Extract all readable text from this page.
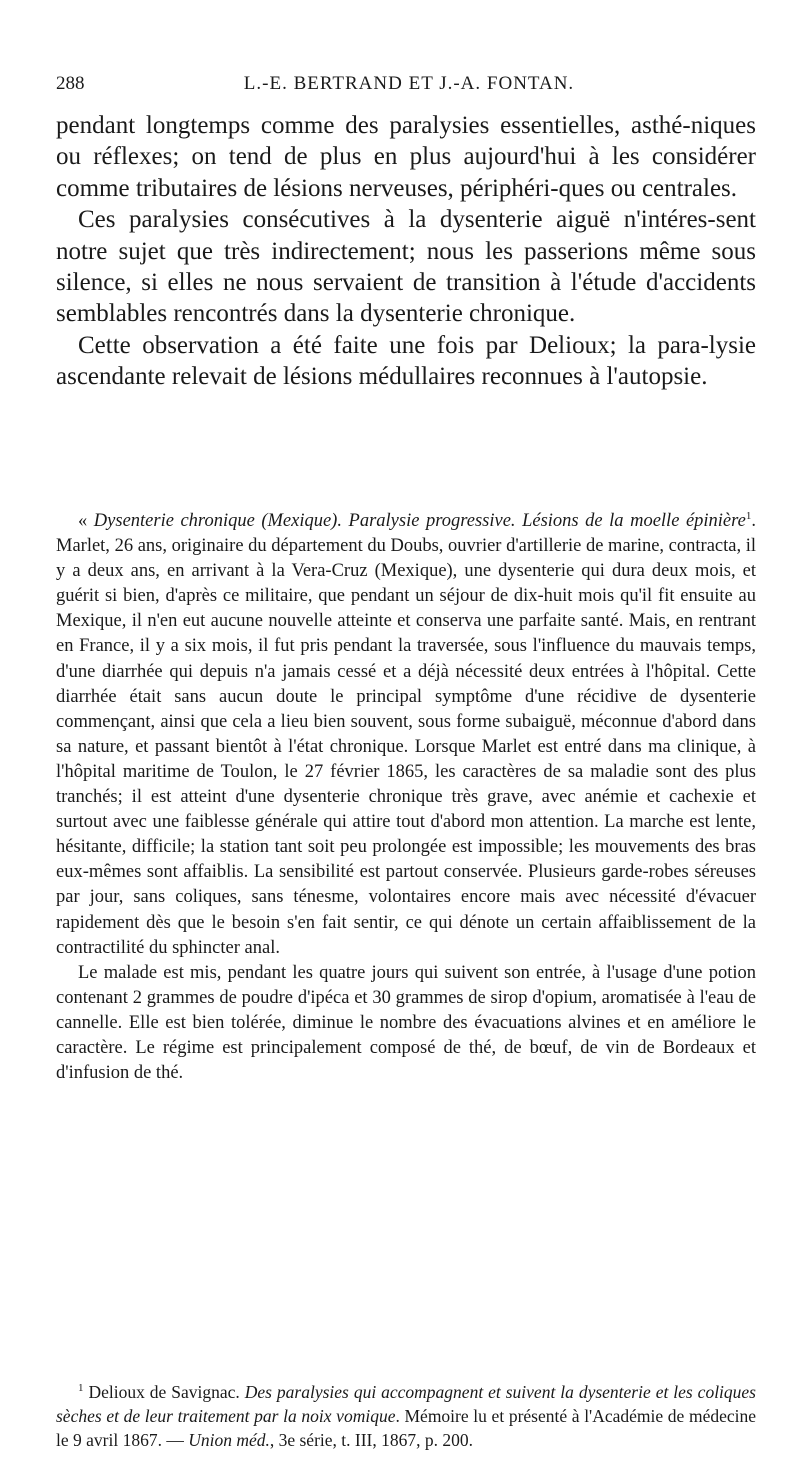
288	L.-E. BERTRAND ET J.-A. FONTAN.

pendant longtemps comme des paralysies essentielles, asthé-niques ou réflexes; on tend de plus en plus aujourd'hui à les considérer comme tributaires de lésions nerveuses, périphéri-ques ou centrales.

Ces paralysies consécutives à la dysenterie aiguë n'intéres-sent notre sujet que très indirectement; nous les passerions même sous silence, si elles ne nous servaient de transition à l'étude d'accidents semblables rencontrés dans la dysenterie chronique.

Cette observation a été faite une fois par Delioux; la para-lysie ascendante relevait de lésions médullaires reconnues à l'autopsie.

« Dysenterie chronique (Mexique). Paralysie progressive. Lésions de la moelle épinière$^1$. Marlet, 26 ans, originaire du département du Doubs, ouvrier d'artillerie de marine, contracta, il y a deux ans, en arrivant à la Vera-Cruz (Mexique), une dysenterie qui dura deux mois, et guérit si bien, d'après ce militaire, que pendant un séjour de dix-huit mois qu'il fit ensuite au Mexique, il n'en eut aucune nouvelle atteinte et conserva une parfaite santé. Mais, en rentrant en France, il y a six mois, il fut pris pendant la traversée, sous l'influence du mauvais temps, d'une diarrhée qui depuis n'a jamais cessé et a déjà nécessité deux entrées à l'hôpital. Cette diarrhée était sans aucun doute le principal symptôme d'une récidive de dysenterie commençant, ainsi que cela a lieu bien souvent, sous forme subaiguë, méconnue d'abord dans sa nature, et passant bientôt à l'état chronique. Lorsque Marlet est entré dans ma clinique, à l'hôpital maritime de Toulon, le 27 février 1865, les caractères de sa maladie sont des plus tranchés; il est atteint d'une dysenterie chronique très grave, avec anémie et cachexie et surtout avec une faiblesse générale qui attire tout d'abord mon attention. La marche est lente, hésitante, difficile; la station tant soit peu prolongée est impossible; les mouvements des bras eux-mêmes sont affaiblis. La sensibilité est partout conservée. Plusieurs garde-robes séreuses par jour, sans coliques, sans ténesme, volontaires encore mais avec nécessité d'évacuer rapidement dès que le besoin s'en fait sentir, ce qui dénote un certain affaiblissement de la contractilité du sphincter anal.

Le malade est mis, pendant les quatre jours qui suivent son entrée, à l'usage d'une potion contenant 2 grammes de poudre d'ipéca et 30 grammes de sirop d'opium, aromatisée à l'eau de cannelle. Elle est bien tolérée, diminue le nombre des évacuations alvines et en améliore le caractère. Le régime est principalement composé de thé, de bœuf, de vin de Bordeaux et d'infusion de thé.

$^1$ Delioux de Savignac. Des paralysies qui accompagnent et suivent la dysenterie et les coliques sèches et de leur traitement par la noix vomique. Mémoire lu et présenté à l'Académie de médecine le 9 avril 1867. — Union méd., 3e série, t. III, 1867, p. 200.
